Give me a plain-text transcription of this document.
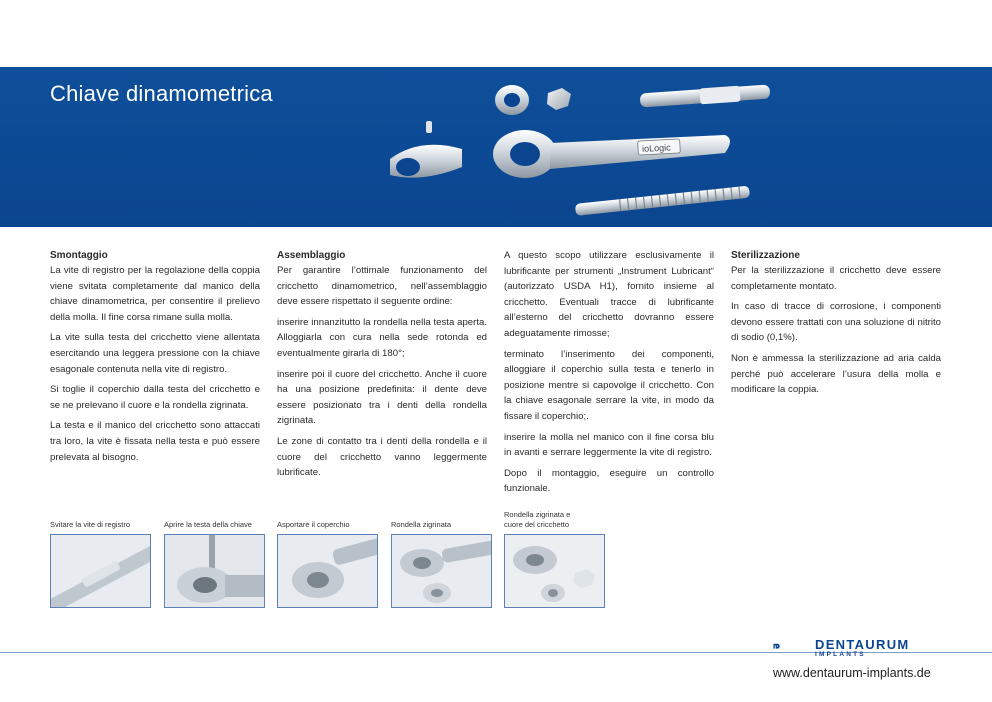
Chiave dinamometrica
ioLogic

Smontaggio

La vite di registro per la regolazione della coppia viene svitata completamente dal manico della chiave dinamometrica, per consentire il prelievo della molla. Il fine corsa rimane sulla molla.

La vite sulla testa del cricchetto viene allentata esercitando una leggera pressione con la chiave esagonale contenuta nella vite di registro.

Si toglie il coperchio dalla testa del cricchetto e se ne prelevano il cuore e la rondella zigrinata.

La testa e il manico del cricchetto sono attaccati tra loro, la vite è fissata nella testa e può essere prelevata al bisogno.

Assemblaggio

Per garantire l’ottimale funzionamento del cricchetto dinamometrico, nell’assemblaggio deve essere rispettato il seguente ordine:

inserire innanzitutto la rondella nella testa aperta. Alloggiarla con cura nella sede rotonda ed eventualmente girarla di 180°;

inserire poi il cuore del cricchetto. Anche il cuore ha una posizione predefinita: il dente deve essere posizionato tra i denti della rondella zigrinata.

Le zone di contatto tra i denti della rondella e il cuore del cricchetto vanno leggermente lubrificate.

A questo scopo utilizzare esclusivamente il lubrificante per strumenti „Instrument Lubricant“ (autorizzato USDA H1), fornito insieme al cricchetto. Eventuali tracce di lubrificante all’esterno del cricchetto dovranno essere adeguatamente rimosse;

terminato l’inserimento dei componenti, alloggiare il coperchio sulla testa e tenerlo in posizione mentre si capovolge il cricchetto. Con la chiave esagonale serrare la vite, in modo da fissare il coperchio;.

inserire la molla nel manico con il fine corsa blu in avanti e serrare leggermente la vite di registro.

Dopo il montaggio, eseguire un controllo funzionale.

Sterilizzazione

Per la sterilizzazione il cricchetto deve essere completamente montato.

In caso di tracce di corrosione, i componenti devono essere trattati con una soluzione di nitrito di sodio (0,1%).

Non è ammessa la sterilizzazione ad aria calda perché può accelerare l’usura della molla e modificare la coppia.

Svitare la vite di registro	Aprire la testa della chiave	Asportare il coperchio	Rondella zigrinata
Rondella zigrinata e cuore del cricchetto
DENTAURUM
IMPLANTS
www.dentaurum-implants.de
